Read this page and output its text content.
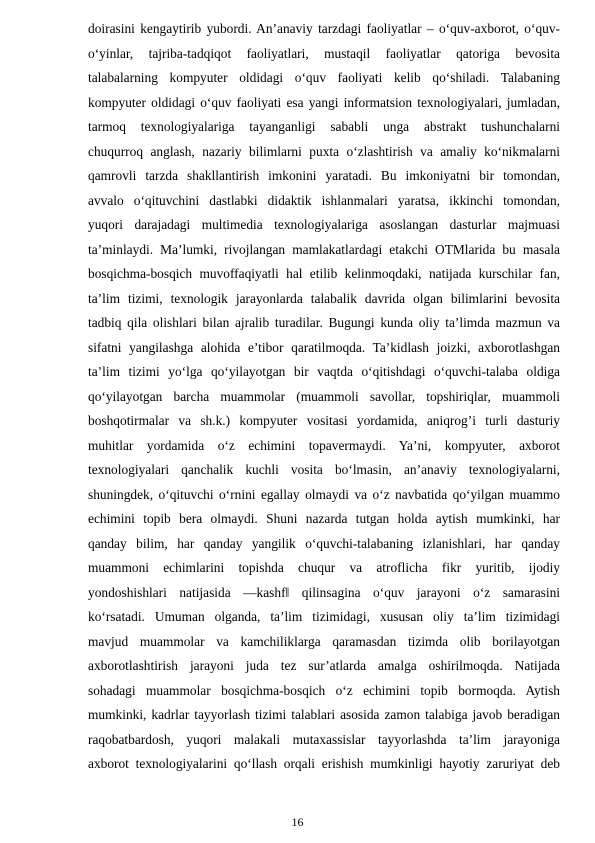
doirasini kengaytirib yubordi. An’anaviy tarzdagi faoliyatlar – o‘quv-axborot, o‘quv-
o‘yinlar, tajriba-tadqiqot faoliyatlari, mustaqil faoliyatlar qatoriga bevosita
talabalarning kompyuter oldidagi o‘quv faoliyati kelib qo‘shiladi. Talabaning
kompyuter oldidagi o‘quv faoliyati esa yangi informatsion texnologiyalari, jumladan,
tarmoq texnologiyalariga tayanganligi sababli unga abstrakt tushunchalarni
chuqurroq anglash, nazariy bilimlarni puxta o‘zlashtirish va amaliy ko‘nikmalarni
qamrovli tarzda shakllantirish imkonini yaratadi. Bu imkoniyatni bir tomondan,
avvalo o‘qituvchini dastlabki didaktik ishlanmalari yaratsa, ikkinchi tomondan,
yuqori darajadagi multimedia texnologiyalariga asoslangan dasturlar majmuasi
ta’minlaydi. Ma’lumki, rivojlangan mamlakatlardagi etakchi OTMlarida bu masala
bosqichma-bosqich muvoffaqiyatli hal etilib kelinmoqdaki, natijada kurschilar fan,
ta’lim tizimi, texnologik jarayonlarda talabalik davrida olgan bilimlarini bevosita
tadbiq qila olishlari bilan ajralib turadilar. Bugungi kunda oliy ta’limda mazmun va
sifatni yangilashga alohida e’tibor qaratilmoqda. Ta’kidlash joizki, axborotlashgan
ta’lim tizimi yo‘lga qo‘yilayotgan bir vaqtda o‘qitishdagi o‘quvchi-talaba oldiga
qo‘yilayotgan barcha muammolar (muammoli savollar, topshiriqlar, muammoli
boshqotirmalar va sh.k.) kompyuter vositasi yordamida, aniqrog’i turli dasturiy
muhitlar yordamida o‘z echimini topavermaydi. Ya’ni, kompyuter, axborot
texnologiyalari qanchalik kuchli vosita bo‘lmasin, an’anaviy texnologiyalarni,
shuningdek, o‘qituvchi o‘rnini egallay olmaydi va o‘z navbatida qo‘yilgan muammo
echimini topib bera olmaydi. Shuni nazarda tutgan holda aytish mumkinki, har
qanday bilim, har qanday yangilik o‘quvchi-talabaning izlanishlari, har qanday
muammoni echimlarini topishda chuqur va atroflicha fikr yuritib, ijodiy
yondoshishlari natijasida ―kashf‖ qilinsagina o‘quv jarayoni o‘z samarasini
ko‘rsatadi. Umuman olganda, ta’lim tizimidagi, xususan oliy ta’lim tizimidagi
mavjud muammolar va kamchiliklarga qaramasdan tizimda olib borilayotgan
axborotlashtirish jarayoni juda tez sur’atlarda amalga oshirilmoqda. Natijada
sohadagi muammolar bosqichma-bosqich o‘z echimini topib bormoqda. Aytish
mumkinki, kadrlar tayyorlash tizimi talablari asosida zamon talabiga javob beradigan
raqobatbardosh, yuqori malakali mutaxassislar tayyorlashda ta’lim jarayoniga
axborot texnologiyalarini qo‘llash orqali erishish mumkinligi hayotiy zaruriyat deb
16
